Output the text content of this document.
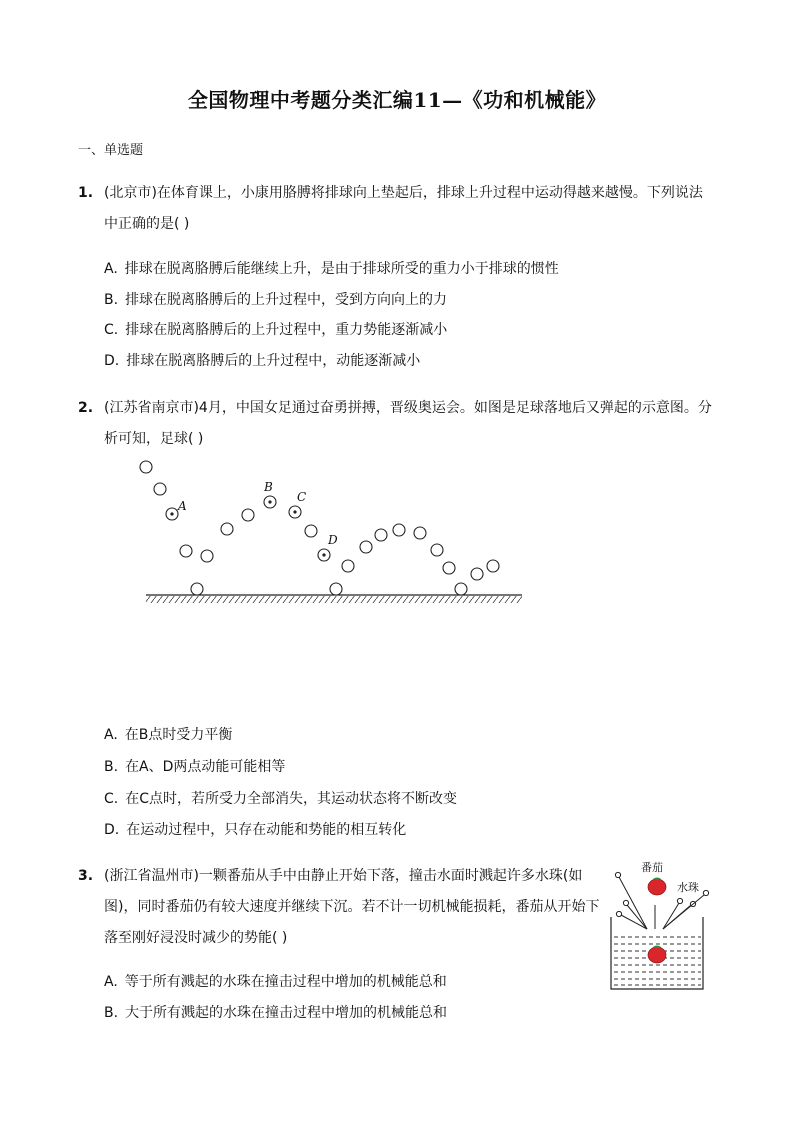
全国物理中考题分类汇编11—《功和机械能》
一、单选题
1. (北京市)在体育课上，小康用胳膊将排球向上垫起后，排球上升过程中运动得越来越慢。下列说法中正确的是( )
A. 排球在脱离胳膊后能继续上升，是由于排球所受的重力小于排球的惯性
B. 排球在脱离胳膊后的上升过程中，受到方向向上的力
C. 排球在脱离胳膊后的上升过程中，重力势能逐渐减小
D. 排球在脱离胳膊后的上升过程中，动能逐渐减小
2. (江苏省南京市)4月，中国女足通过奋勇拼搏，晋级奥运会。如图是足球落地后又弹起的示意图。分析可知，足球( )
A
B
C
D
A. 在B点时受力平衡
B. 在A、D两点动能可能相等
C. 在C点时，若所受力全部消失，其运动状态将不断改变
D. 在运动过程中，只存在动能和势能的相互转化
3. (浙江省温州市)一颗番茄从手中由静止开始下落，撞击水面时溅起许多水珠(如图)，同时番茄仍有较大速度并继续下沉。若不计一切机械能损耗，番茄从开始下落至刚好浸没时减少的势能( )
番茄
水珠
A. 等于所有溅起的水珠在撞击过程中增加的机械能总和
B. 大于所有溅起的水珠在撞击过程中增加的机械能总和
